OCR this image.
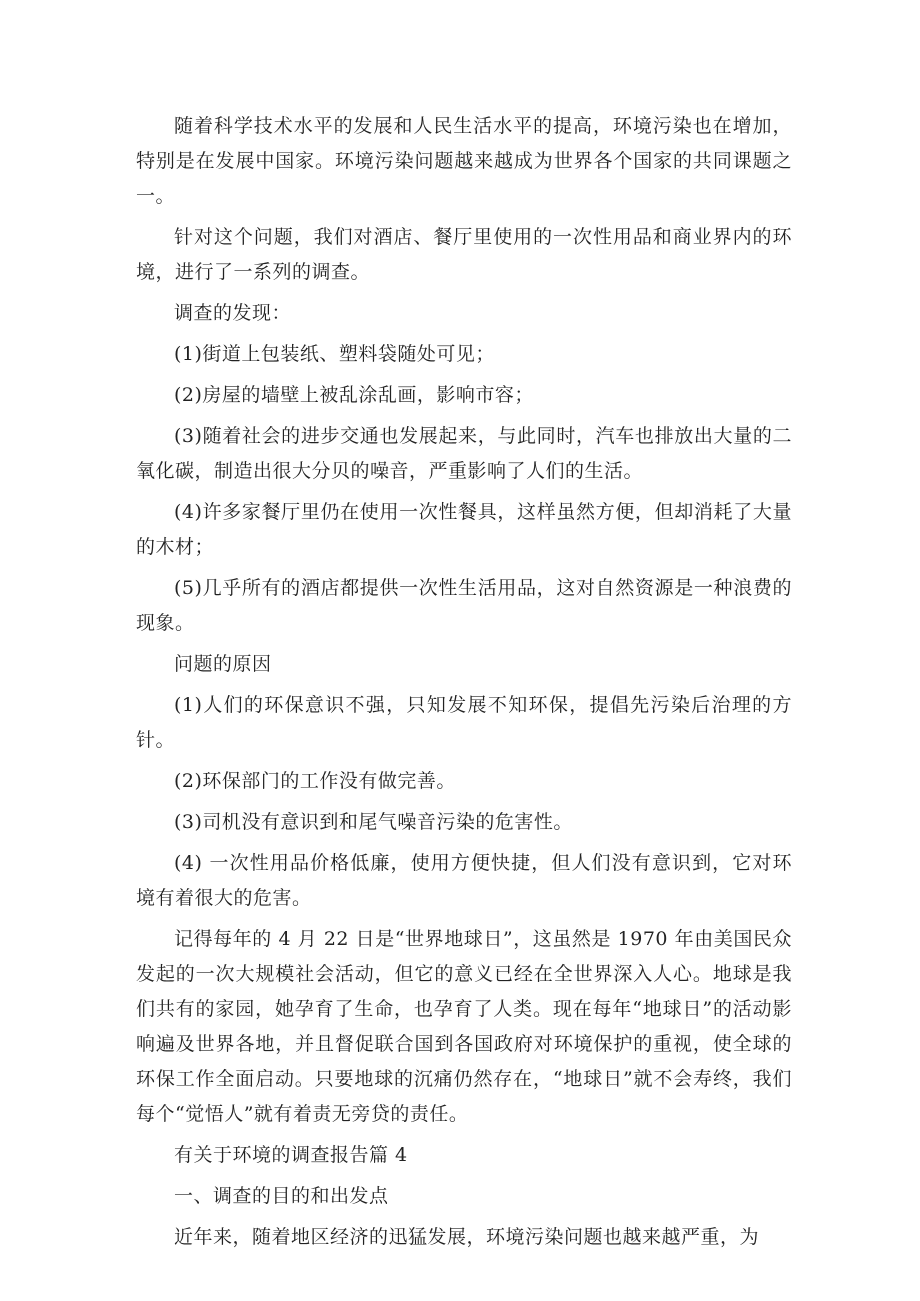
随着科学技术水平的发展和人民生活水平的提高，环境污染也在增加，特别是在发展中国家。环境污染问题越来越成为世界各个国家的共同课题之一。

针对这个问题，我们对酒店、餐厅里使用的一次性用品和商业界内的环境，进行了一系列的调查。

调查的发现：

(1)街道上包装纸、塑料袋随处可见；

(2)房屋的墙壁上被乱涂乱画，影响市容；

(3)随着社会的进步交通也发展起来，与此同时，汽车也排放出大量的二氧化碳，制造出很大分贝的噪音，严重影响了人们的生活。

(4)许多家餐厅里仍在使用一次性餐具，这样虽然方便，但却消耗了大量的木材；

(5)几乎所有的酒店都提供一次性生活用品，这对自然资源是一种浪费的现象。

问题的原因

(1)人们的环保意识不强，只知发展不知环保，提倡先污染后治理的方针。

(2)环保部门的工作没有做完善。

(3)司机没有意识到和尾气噪音污染的危害性。

(4) 一次性用品价格低廉，使用方便快捷，但人们没有意识到，它对环境有着很大的危害。

记得每年的 4 月 22 日是“世界地球日”，这虽然是 1970 年由美国民众发起的一次大规模社会活动，但它的意义已经在全世界深入人心。地球是我们共有的家园，她孕育了生命，也孕育了人类。现在每年“地球日”的活动影响遍及世界各地，并且督促联合国到各国政府对环境保护的重视，使全球的环保工作全面启动。只要地球的沉痛仍然存在，“地球日”就不会寿终，我们每个“觉悟人”就有着责无旁贷的责任。

有关于环境的调查报告篇 4

一、调查的目的和出发点

近年来，随着地区经济的迅猛发展，环境污染问题也越来越严重，为
